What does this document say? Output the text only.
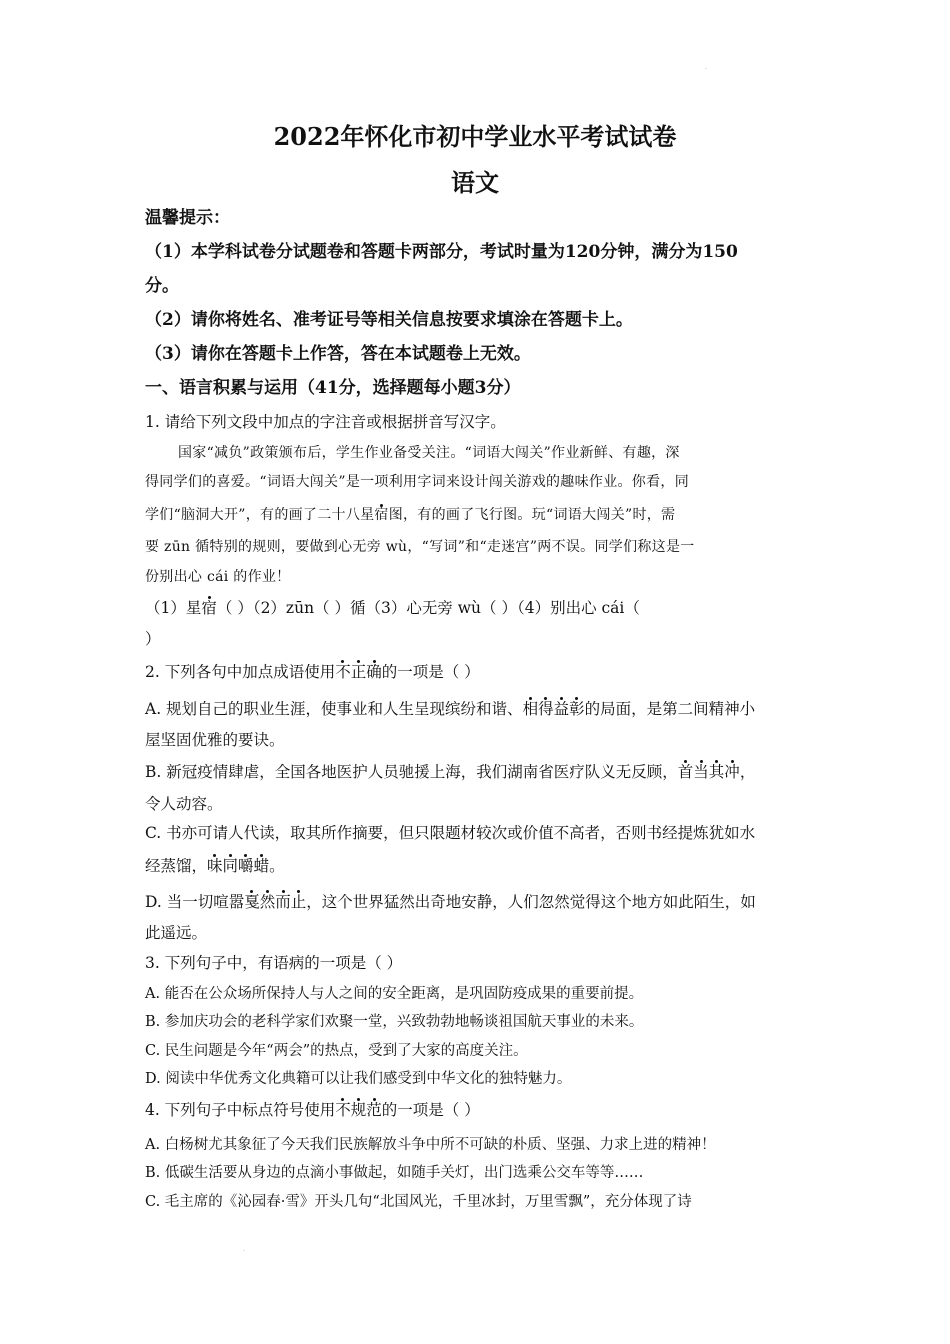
.
2022年怀化市初中学业水平考试试卷
语文
温馨提示：
（1）本学科试卷分试题卷和答题卡两部分，考试时量为120分钟，满分为150
分。
（2）请你将姓名、准考证号等相关信息按要求填涂在答题卡上。
（3）请你在答题卡上作答，答在本试题卷上无效。
一、语言积累与运用（41分，选择题每小题3分）
1. 请给下列文段中加点的字注音或根据拼音写汉字。
国家“减负”政策颁布后，学生作业备受关注。“词语大闯关”作业新鲜、有趣，深
得同学们的喜爱。“词语大闯关”是一项利用字词来设计闯关游戏的趣味作业。你看，同
学们“脑洞大开”，有的画了二十八星宿图，有的画了飞行图。玩“词语大闯关”时，需
要 zūn 循特别的规则，要做到心无旁 wù，“写词”和“走迷宫”两不误。同学们称这是一
份别出心 cái 的作业！
（1）星宿（ ）（2）zūn（ ）循（3）心无旁 wù（ ）（4）别出心 cái（
）
2. 下列各句中加点成语使用不正确的一项是（ ）
A. 规划自己的职业生涯，使事业和人生呈现缤纷和谐、相得益彰的局面，是第二间精神小
屋坚固优雅的要诀。
B. 新冠疫情肆虐，全国各地医护人员驰援上海，我们湖南省医疗队义无反顾，首当其冲，
令人动容。
C. 书亦可请人代读，取其所作摘要，但只限题材较次或价值不高者，否则书经提炼犹如水
经蒸馏，味同嚼蜡。
D. 当一切喧嚣戛然而止，这个世界猛然出奇地安静，人们忽然觉得这个地方如此陌生，如
此遥远。
3. 下列句子中，有语病的一项是（ ）
A. 能否在公众场所保持人与人之间的安全距离，是巩固防疫成果的重要前提。
B. 参加庆功会的老科学家们欢聚一堂，兴致勃勃地畅谈祖国航天事业的未来。
C. 民生问题是今年“两会”的热点，受到了大家的高度关注。
D. 阅读中华优秀文化典籍可以让我们感受到中华文化的独特魅力。
4. 下列句子中标点符号使用不规范的一项是（ ）
A. 白杨树尤其象征了今天我们民族解放斗争中所不可缺的朴质、坚强、力求上进的精神！
B. 低碳生活要从身边的点滴小事做起，如随手关灯，出门选乘公交车等等……
C. 毛主席的《沁园春·雪》开头几句“北国风光，千里冰封，万里雪飘”，充分体现了诗
.
